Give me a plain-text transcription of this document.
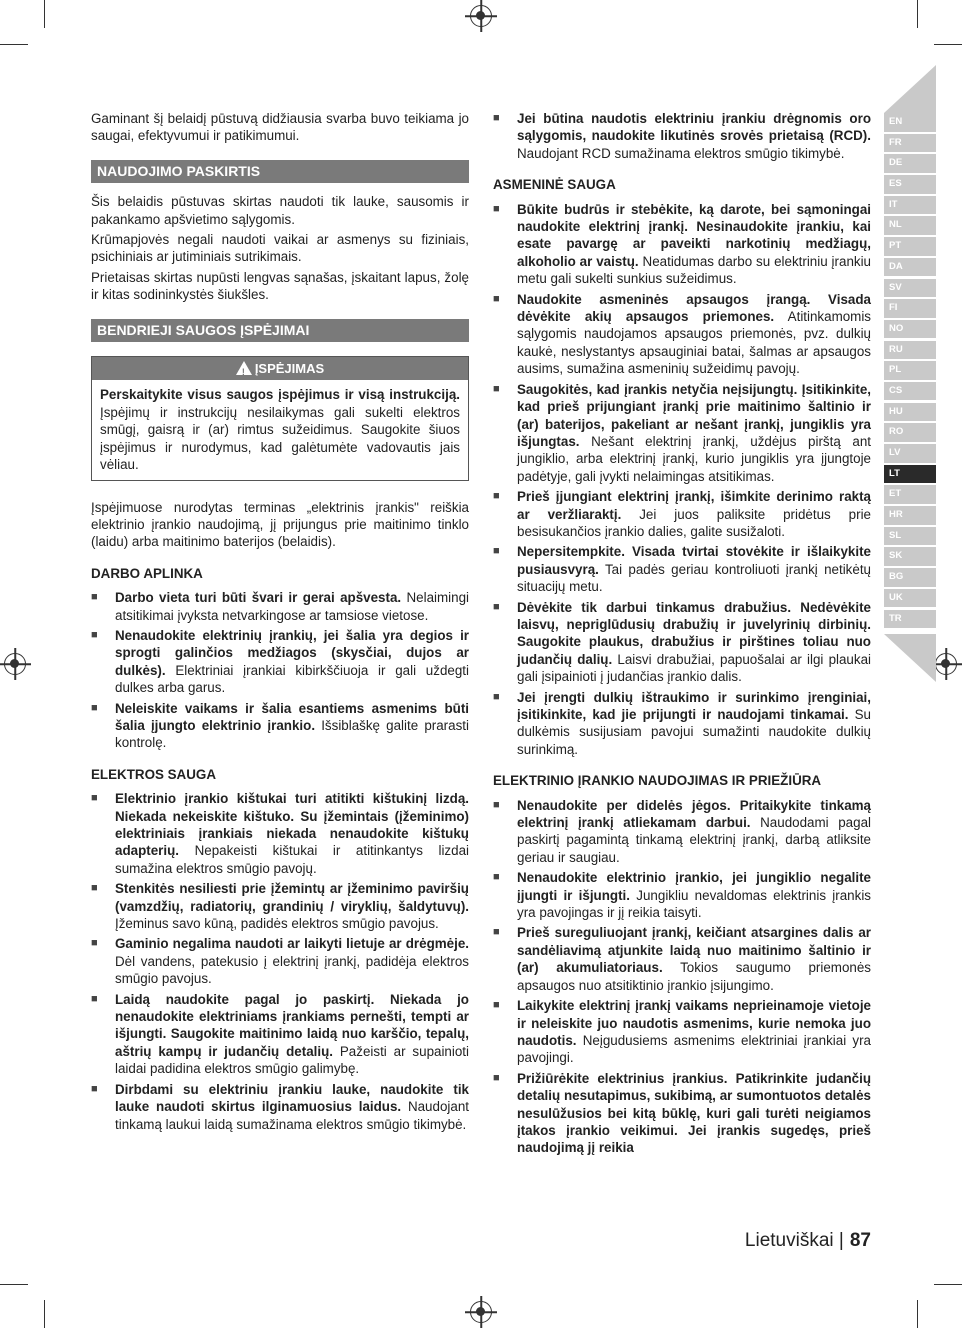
Gaminant šį belaidį pūstuvą didžiausia svarba buvo teikiama jo saugai, efektyvumui ir patikimumui.

NAUDOJIMO PASKIRTIS

Šis belaidis pūstuvas skirtas naudoti tik lauke, sausomis ir pakankamo apšvietimo sąlygomis.

Krūmapjovės negali naudoti vaikai ar asmenys su fiziniais, psichiniais ar jutiminiais sutrikimais.

Prietaisas skirtas nupūsti lengvas sąnašas, įskaitant lapus, žolę ir kitas sodininkystės šiukšles.

BENDRIEJI SAUGOS ĮSPĖJIMAI
! ĮSPĖJIMAS
Perskaitykite visus saugos įspėjimus ir visą instrukciją. Įspėjimų ir instrukcijų nesilaikymas gali sukelti elektros smūgį, gaisrą ir (ar) rimtus sužeidimus. Saugokite šiuos įspėjimus ir nurodymus, kad galėtumėte vadovautis jais vėliau.

Įspėjimuose nurodytas terminas „elektrinis įrankis" reiškia elektrinio įrankio naudojimą, jį prijungus prie maitinimo tinklo (laidu) arba maitinimo baterijos (belaidis).

DARBO APLINKA
■ Darbo vieta turi būti švari ir gerai apšvesta. Nelaimingi atsitikimai įvyksta netvarkingose ar tamsiose vietose.
■ Nenaudokite elektrinių įrankių, jei šalia yra degios ir sprogti galinčios medžiagos (skysčiai, dujos ar dulkės). Elektriniai įrankiai kibirkščiuoja ir gali uždegti dulkes arba garus.
■ Neleiskite vaikams ir šalia esantiems asmenims būti šalia įjungto elektrinio įrankio. Išsiblaškę galite prarasti kontrolę.
ELEKTROS SAUGA
■ Elektrinio įrankio kištukai turi atitikti kištukinį lizdą. Niekada nekeiskite kištuko. Su įžemintais (įžeminimo) elektriniais įrankiais niekada nenaudokite kištukų adapterių. Nepakeisti kištukai ir atitinkantys lizdai sumažina elektros smūgio pavojų.
■ Stenkitės nesiliesti prie įžemintų ar įžeminimo paviršių (vamzdžių, radiatorių, grandinių / viryklių, šaldytuvų). Įžeminus savo kūną, padidės elektros smūgio pavojus.
■ Gaminio negalima naudoti ar laikyti lietuje ar drėgmėje. Dėl vandens, patekusio į elektrinį įrankį, padidėja elektros smūgio pavojus.
■ Laidą naudokite pagal jo paskirtį. Niekada jo nenaudokite elektriniams įrankiams pernešti, tempti ar išjungti. Saugokite maitinimo laidą nuo karščio, tepalų, aštrių kampų ir judančių detalių. Pažeisti ar supainioti laidai padidina elektros smūgio galimybę.
■ Dirbdami su elektriniu įrankiu lauke, naudokite tik lauke naudoti skirtus ilginamuosius laidus. Naudojant tinkamą laukui laidą sumažinama elektros smūgio tikimybė.
■ Jei būtina naudotis elektriniu įrankiu drėgnomis oro sąlygomis, naudokite likutinės srovės prietaisą (RCD). Naudojant RCD sumažinama elektros smūgio tikimybė.
ASMENINĖ SAUGA
■ Būkite budrūs ir stebėkite, ką darote, bei sąmoningai naudokite elektrinį įrankį. Nesinaudokite įrankiu, kai esate pavargę ar paveikti narkotinių medžiagų, alkoholio ar vaistų. Neatidumas darbo su elektriniu įrankiu metu gali sukelti sunkius sužeidimus.
■ Naudokite asmeninės apsaugos įrangą. Visada dėvėkite akių apsaugos priemones. Atitinkamomis sąlygomis naudojamos apsaugos priemonės, pvz. dulkių kaukė, neslystantys apsauginiai batai, šalmas ar apsaugos ausims, sumažina asmeninių sužeidimų pavojų.
■ Saugokitės, kad įrankis netyčia neįsijungtų. Įsitikinkite, kad prieš prijungiant įrankį prie maitinimo šaltinio ir (ar) baterijos, pakeliant ar nešant įrankį, jungiklis yra išjungtas. Nešant elektrinį įrankį, uždėjus pirštą ant jungiklio, arba elektrinį įrankį, kurio jungiklis yra įjungtoje padėtyje, gali įvykti nelaimingas atsitikimas.
■ Prieš įjungiant elektrinį įrankį, išimkite derinimo raktą ar veržliaraktį. Jei juos paliksite pridėtus prie besisukančios įrankio dalies, galite susižaloti.
■ Nepersitempkite. Visada tvirtai stovėkite ir išlaikykite pusiausvyrą. Tai padės geriau kontroliuoti įrankį netikėtų situacijų metu.
■ Dėvėkite tik darbui tinkamus drabužius. Nedėvėkite laisvų, nepriglūdusių drabužių ir juvelyrinių dirbinių. Saugokite plaukus, drabužius ir pirštines toliau nuo judančių dalių. Laisvi drabužiai, papuošalai ar ilgi plaukai gali įsipainioti į judančias įrankio dalis.
■ Jei įrengti dulkių ištraukimo ir surinkimo įrenginiai, įsitikinkite, kad jie prijungti ir naudojami tinkamai. Su dulkėmis susijusiam pavojui sumažinti naudokite dulkių surinkimą.
ELEKTRINIO ĮRANKIO NAUDOJIMAS IR PRIEŽIŪRA
■ Nenaudokite per didelės jėgos. Pritaikykite tinkamą elektrinį įrankį atliekamam darbui. Naudodami pagal paskirtį pagamintą tinkamą elektrinį įrankį, darbą atliksite geriau ir saugiau.
■ Nenaudokite elektrinio įrankio, jei jungiklio negalite įjungti ir išjungti. Jungikliu nevaldomas elektrinis įrankis yra pavojingas ir jį reikia taisyti.
■ Prieš sureguliuojant įrankį, keičiant atsargines dalis ar sandėliavimą atjunkite laidą nuo maitinimo šaltinio ir (ar) akumuliatoriaus. Tokios saugumo priemonės apsaugos nuo atsitiktinio įrankio įsijungimo.
■ Laikykite elektrinį įrankį vaikams neprieinamoje vietoje ir neleiskite juo naudotis asmenims, kurie nemoka juo naudotis. Neįgudusiems asmenims elektriniai įrankiai yra pavojingi.
■ Prižiūrėkite elektrinius įrankius. Patikrinkite judančių detalių nesutapimus, sukibimą, ar sumontuotos detalės nesulūžusios bei kitą būklę, kuri gali turėti neigiamos įtakos įrankio veikimui. Jei įrankis sugedęs, prieš naudojimą jį reikia
EN
FR
DE
ES
IT
NL
PT
DA
SV
FI
NO
RU
PL
CS
HU
RO
LV
LT
ET
HR
SL
SK
BG
UK
TR
Lietuviškai | 87
